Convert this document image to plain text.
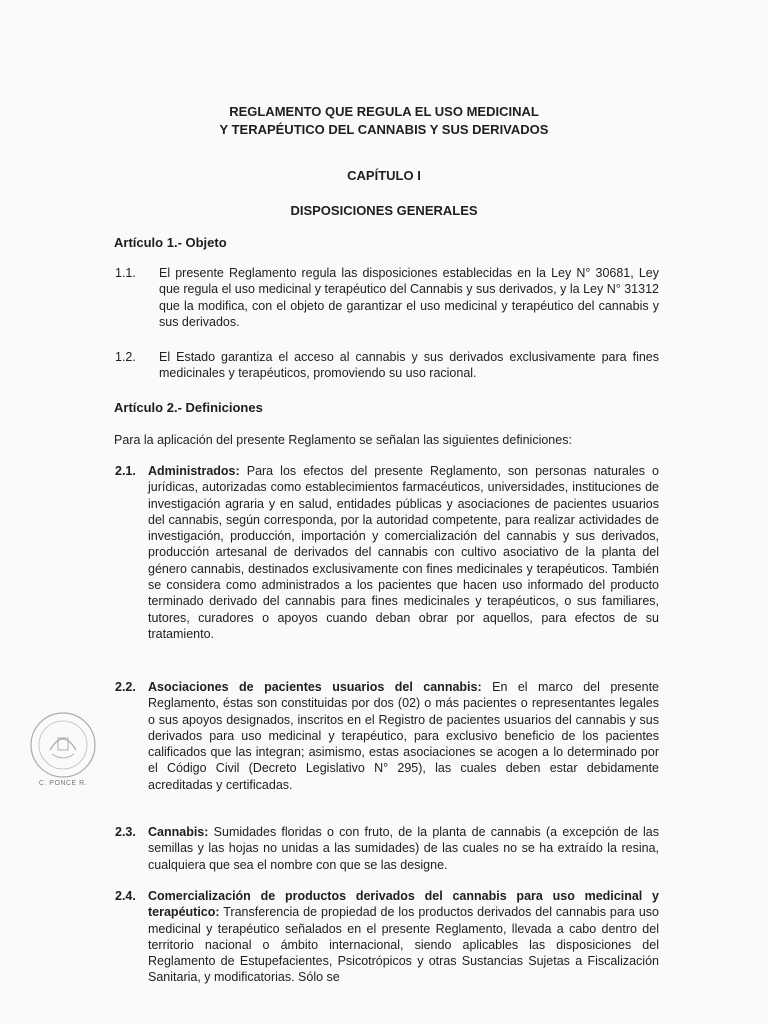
REGLAMENTO QUE REGULA EL USO MEDICINAL

Y TERAPÉUTICO DEL CANNABIS Y SUS DERIVADOS

CAPÍTULO I

DISPOSICIONES GENERALES

Artículo 1.- Objeto

1.1. El presente Reglamento regula las disposiciones establecidas en la Ley N° 30681, Ley que regula el uso medicinal y terapéutico del Cannabis y sus derivados, y la Ley N° 31312 que la modifica, con el objeto de garantizar el uso medicinal y terapéutico del cannabis y sus derivados.
1.2. El Estado garantiza el acceso al cannabis y sus derivados exclusivamente para fines medicinales y terapéuticos, promoviendo su uso racional.

Artículo 2.- Definiciones

Para la aplicación del presente Reglamento se señalan las siguientes definiciones:

2.1. Administrados: Para los efectos del presente Reglamento, son personas naturales o jurídicas, autorizadas como establecimientos farmacéuticos, universidades, instituciones de investigación agraria y en salud, entidades públicas y asociaciones de pacientes usuarios del cannabis, según corresponda, por la autoridad competente, para realizar actividades de investigación, producción, importación y comercialización del cannabis y sus derivados, producción artesanal de derivados del cannabis con cultivo asociativo de la planta del género cannabis, destinados exclusivamente con fines medicinales y terapéuticos. También se considera como administrados a los pacientes que hacen uso informado del producto terminado derivado del cannabis para fines medicinales y terapéuticos, o sus familiares, tutores, curadores o apoyos cuando deban obrar por aquellos, para efectos de su tratamiento.
2.2. Asociaciones de pacientes usuarios del cannabis: En el marco del presente Reglamento, éstas son constituidas por dos (02) o más pacientes o representantes legales o sus apoyos designados, inscritos en el Registro de pacientes usuarios del cannabis y sus derivados para uso medicinal y terapéutico, para exclusivo beneficio de los pacientes calificados que las integran; asimismo, estas asociaciones se acogen a lo determinado por el Código Civil (Decreto Legislativo N° 295), las cuales deben estar debidamente acreditadas y certificadas.
2.3. Cannabis: Sumidades floridas o con fruto, de la planta de cannabis (a excepción de las semillas y las hojas no unidas a las sumidades) de las cuales no se ha extraído la resina, cualquiera que sea el nombre con que se las designe.
2.4. Comercialización de productos derivados del cannabis para uso medicinal y terapéutico: Transferencia de propiedad de los productos derivados del cannabis para uso medicinal y terapéutico señalados en el presente Reglamento, llevada a cabo dentro del territorio nacional o ámbito internacional, siendo aplicables las disposiciones del Reglamento de Estupefacientes, Psicotrópicos y otras Sustancias Sujetas a Fiscalización Sanitaria, y modificatorias. Sólo se
C. PONCE R.
